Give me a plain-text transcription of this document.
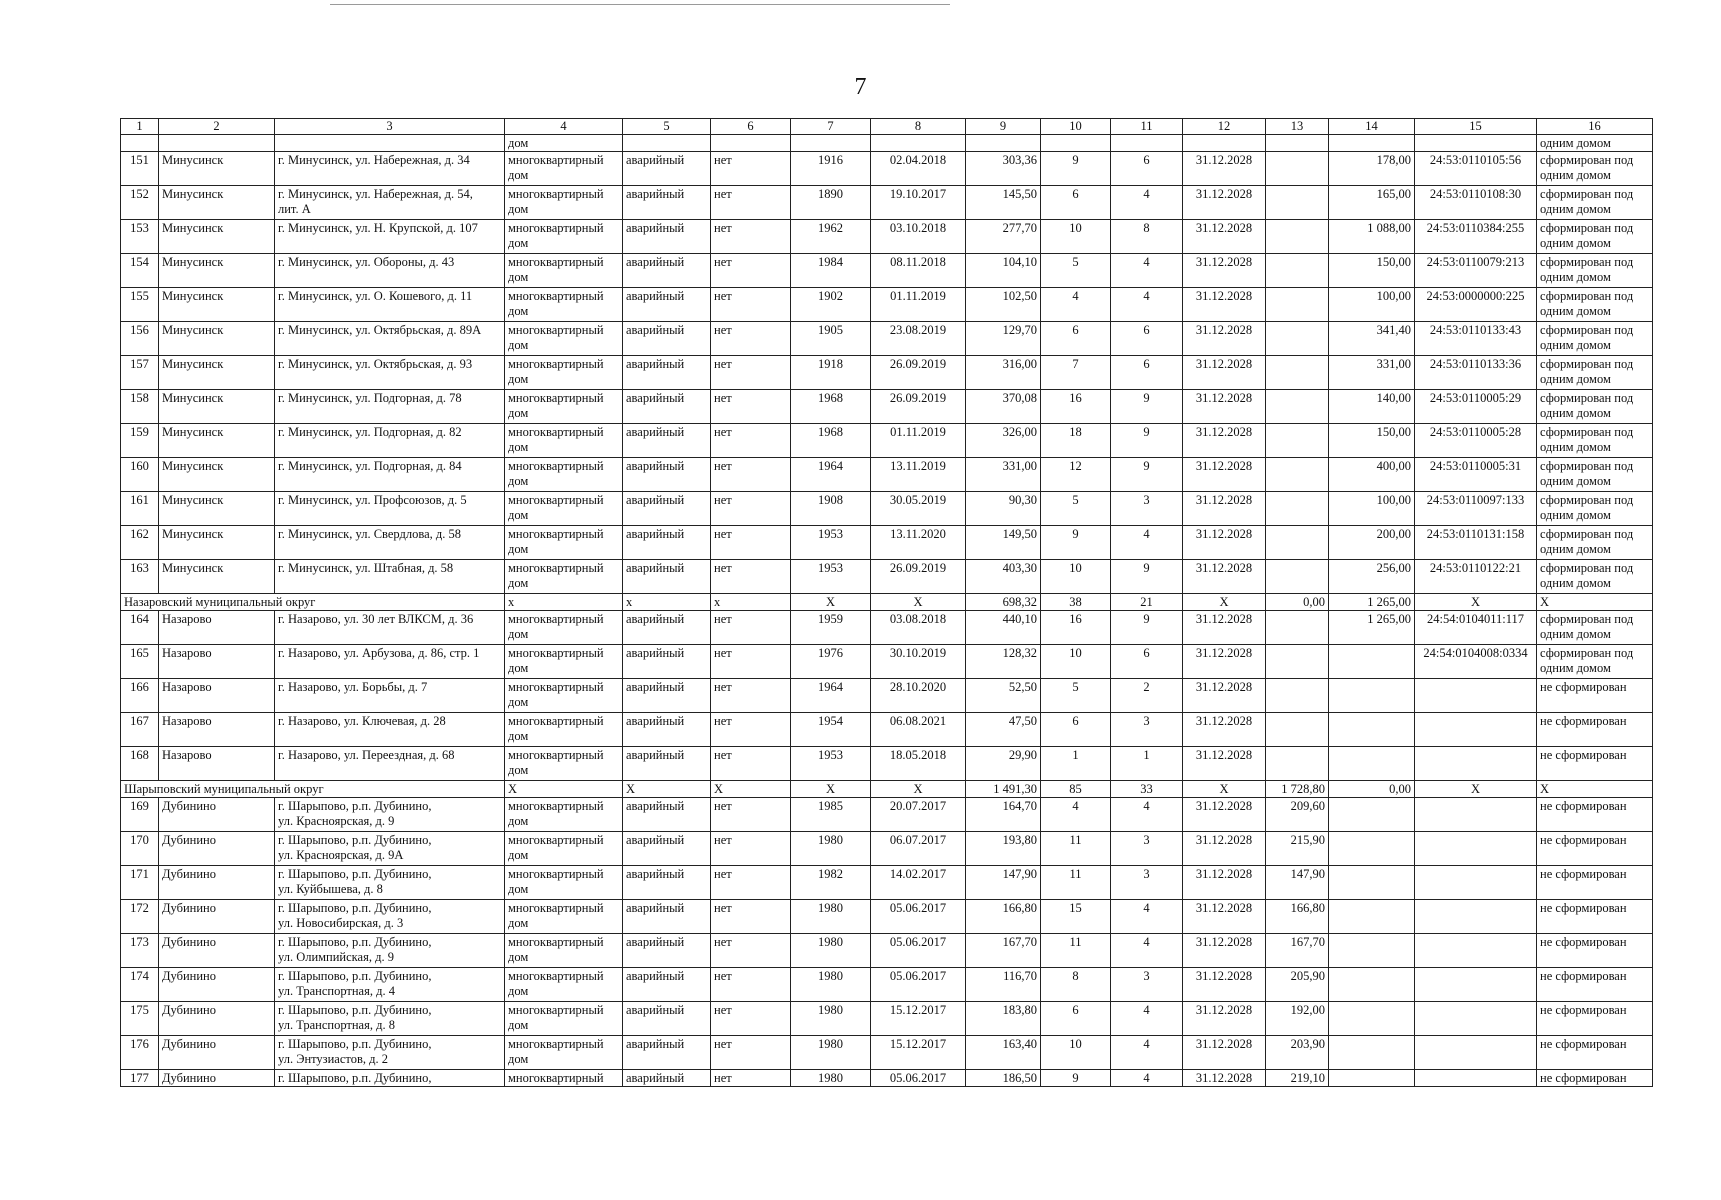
7
1	2	3	4	5	6	7	8	9	10	11	12	13	14	15	16

			дом												одним домом

151	Минусинск	г. Минусинск, ул. Набережная, д. 34	многоквартирный
дом	аварийный	нет	1916	02.04.2018	303,36	9	6	31.12.2028		178,00	24:53:0110105:56	сформирован под
одним домом

152	Минусинск	г. Минусинск, ул. Набережная, д. 54,
лит. А	многоквартирный
дом	аварийный	нет	1890	19.10.2017	145,50	6	4	31.12.2028		165,00	24:53:0110108:30	сформирован под
одним домом

153	Минусинск	г. Минусинск, ул. Н. Крупской, д. 107	многоквартирный
дом	аварийный	нет	1962	03.10.2018	277,70	10	8	31.12.2028		1 088,00	24:53:0110384:255	сформирован под
одним домом

154	Минусинск	г. Минусинск, ул. Обороны, д. 43	многоквартирный
дом	аварийный	нет	1984	08.11.2018	104,10	5	4	31.12.2028		150,00	24:53:0110079:213	сформирован под
одним домом

155	Минусинск	г. Минусинск, ул. О. Кошевого, д. 11	многоквартирный
дом	аварийный	нет	1902	01.11.2019	102,50	4	4	31.12.2028		100,00	24:53:0000000:225	сформирован под
одним домом

156	Минусинск	г. Минусинск, ул. Октябрьская, д. 89А	многоквартирный
дом	аварийный	нет	1905	23.08.2019	129,70	6	6	31.12.2028		341,40	24:53:0110133:43	сформирован под
одним домом

157	Минусинск	г. Минусинск, ул. Октябрьская, д. 93	многоквартирный
дом	аварийный	нет	1918	26.09.2019	316,00	7	6	31.12.2028		331,00	24:53:0110133:36	сформирован под
одним домом

158	Минусинск	г. Минусинск, ул. Подгорная, д. 78	многоквартирный
дом	аварийный	нет	1968	26.09.2019	370,08	16	9	31.12.2028		140,00	24:53:0110005:29	сформирован под
одним домом

159	Минусинск	г. Минусинск, ул. Подгорная, д. 82	многоквартирный
дом	аварийный	нет	1968	01.11.2019	326,00	18	9	31.12.2028		150,00	24:53:0110005:28	сформирован под
одним домом

160	Минусинск	г. Минусинск, ул. Подгорная, д. 84	многоквартирный
дом	аварийный	нет	1964	13.11.2019	331,00	12	9	31.12.2028		400,00	24:53:0110005:31	сформирован под
одним домом

161	Минусинск	г. Минусинск, ул. Профсоюзов, д. 5	многоквартирный
дом	аварийный	нет	1908	30.05.2019	90,30	5	3	31.12.2028		100,00	24:53:0110097:133	сформирован под
одним домом

162	Минусинск	г. Минусинск, ул. Свердлова, д. 58	многоквартирный
дом	аварийный	нет	1953	13.11.2020	149,50	9	4	31.12.2028		200,00	24:53:0110131:158	сформирован под
одним домом

163	Минусинск	г. Минусинск, ул. Штабная, д. 58	многоквартирный
дом	аварийный	нет	1953	26.09.2019	403,30	10	9	31.12.2028		256,00	24:53:0110122:21	сформирован под
одним домом

Назаровский муниципальный округ			х	х	х	Х	Х	698,32	38	21	Х	0,00	1 265,00	Х	Х

164	Назарово	г. Назарово, ул. 30 лет ВЛКСМ, д. 36	многоквартирный
дом	аварийный	нет	1959	03.08.2018	440,10	16	9	31.12.2028		1 265,00	24:54:0104011:117	сформирован под
одним домом

165	Назарово	г. Назарово, ул. Арбузова, д. 86, стр. 1	многоквартирный
дом	аварийный	нет	1976	30.10.2019	128,32	10	6	31.12.2028			24:54:0104008:0334	сформирован под
одним домом

166	Назарово	г. Назарово, ул. Борьбы, д. 7	многоквартирный
дом	аварийный	нет	1964	28.10.2020	52,50	5	2	31.12.2028				не сформирован

167	Назарово	г. Назарово, ул. Ключевая, д. 28	многоквартирный
дом	аварийный	нет	1954	06.08.2021	47,50	6	3	31.12.2028				не сформирован

168	Назарово	г. Назарово, ул. Переездная, д. 68	многоквартирный
дом	аварийный	нет	1953	18.05.2018	29,90	1	1	31.12.2028				не сформирован

Шарыповский муниципальный округ			Х	Х	Х	Х	Х	1 491,30	85	33	Х	1 728,80	0,00	Х	Х

169	Дубинино	г. Шарыпово, р.п. Дубинино,
ул. Красноярская, д. 9	многоквартирный
дом	аварийный	нет	1985	20.07.2017	164,70	4	4	31.12.2028	209,60			не сформирован

170	Дубинино	г. Шарыпово, р.п. Дубинино,
ул. Красноярская, д. 9А	многоквартирный
дом	аварийный	нет	1980	06.07.2017	193,80	11	3	31.12.2028	215,90			не сформирован

171	Дубинино	г. Шарыпово, р.п. Дубинино,
ул. Куйбышева, д. 8	многоквартирный
дом	аварийный	нет	1982	14.02.2017	147,90	11	3	31.12.2028	147,90			не сформирован

172	Дубинино	г. Шарыпово, р.п. Дубинино,
ул. Новосибирская, д. 3	многоквартирный
дом	аварийный	нет	1980	05.06.2017	166,80	15	4	31.12.2028	166,80			не сформирован

173	Дубинино	г. Шарыпово, р.п. Дубинино,
ул. Олимпийская, д. 9	многоквартирный
дом	аварийный	нет	1980	05.06.2017	167,70	11	4	31.12.2028	167,70			не сформирован

174	Дубинино	г. Шарыпово, р.п. Дубинино,
ул. Транспортная, д. 4	многоквартирный
дом	аварийный	нет	1980	05.06.2017	116,70	8	3	31.12.2028	205,90			не сформирован

175	Дубинино	г. Шарыпово, р.п. Дубинино,
ул. Транспортная, д. 8	многоквартирный
дом	аварийный	нет	1980	15.12.2017	183,80	6	4	31.12.2028	192,00			не сформирован

176	Дубинино	г. Шарыпово, р.п. Дубинино,
ул. Энтузиастов, д. 2	многоквартирный
дом	аварийный	нет	1980	15.12.2017	163,40	10	4	31.12.2028	203,90			не сформирован

177	Дубинино	г. Шарыпово, р.п. Дубинино,	многоквартирный	аварийный	нет	1980	05.06.2017	186,50	9	4	31.12.2028	219,10			не сформирован
